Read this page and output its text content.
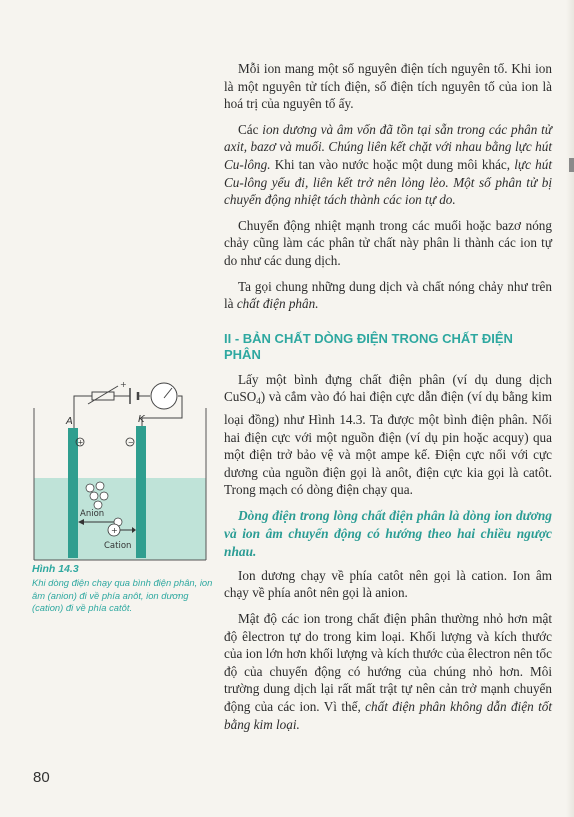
Mỗi ion mang một số nguyên điện tích nguyên tố. Khi ion là một nguyên tử tích điện, số điện tích nguyên tố của ion là hoá trị của nguyên tố ấy.

Các ion dương và âm vốn đã tồn tại sẵn trong các phân tử axit, bazơ và muối. Chúng liên kết chặt với nhau bằng lực hút Cu-lông. Khi tan vào nước hoặc một dung môi khác, lực hút Cu-lông yếu đi, liên kết trở nên lỏng lẻo. Một số phân tử bị chuyển động nhiệt tách thành các ion tự do.

Chuyển động nhiệt mạnh trong các muối hoặc bazơ nóng chảy cũng làm các phân tử chất này phân li thành các ion tự do như các dung dịch.

Ta gọi chung những dung dịch và chất nóng chảy như trên là chất điện phân.

II - BẢN CHẤT DÒNG ĐIỆN TRONG CHẤT ĐIỆN PHÂN

Lấy một bình đựng chất điện phân (ví dụ dung dịch CuSO$_4$) và cắm vào đó hai điện cực dẫn điện (ví dụ bằng kim loại đồng) như Hình 14.3. Ta được một bình điện phân. Nối hai điện cực với một nguồn điện (ví dụ pin hoặc acquy) qua một điện trở bảo vệ và một ampe kế. Điện cực nối với cực dương của nguồn điện gọi là anôt, điện cực kia gọi là catôt. Trong mạch có dòng điện chạy qua.

Dòng điện trong lòng chất điện phân là dòng ion dương và ion âm chuyển động có hướng theo hai chiều ngược nhau.

Ion dương chạy về phía catôt nên gọi là cation. Ion âm chạy về phía anôt nên gọi là anion.

Mật độ các ion trong chất điện phân thường nhỏ hơn mật độ êlectron tự do trong kim loại. Khối lượng và kích thước của ion lớn hơn khối lượng và kích thước của êlectron nên tốc độ của chuyển động có hướng của chúng nhỏ hơn. Môi trường dung dịch lại rất mất trật tự nên cản trở mạnh chuyển động của các ion. Vì thế, chất điện phân không dẫn điện tốt bằng kim loại.

+
A	K
+	−
Anion
+
Cation
Hình 14.3
Khi dòng điện chạy qua bình điện phân, ion âm (anion) đi về phía anôt, ion dương (cation) đi về phía catôt.
80
